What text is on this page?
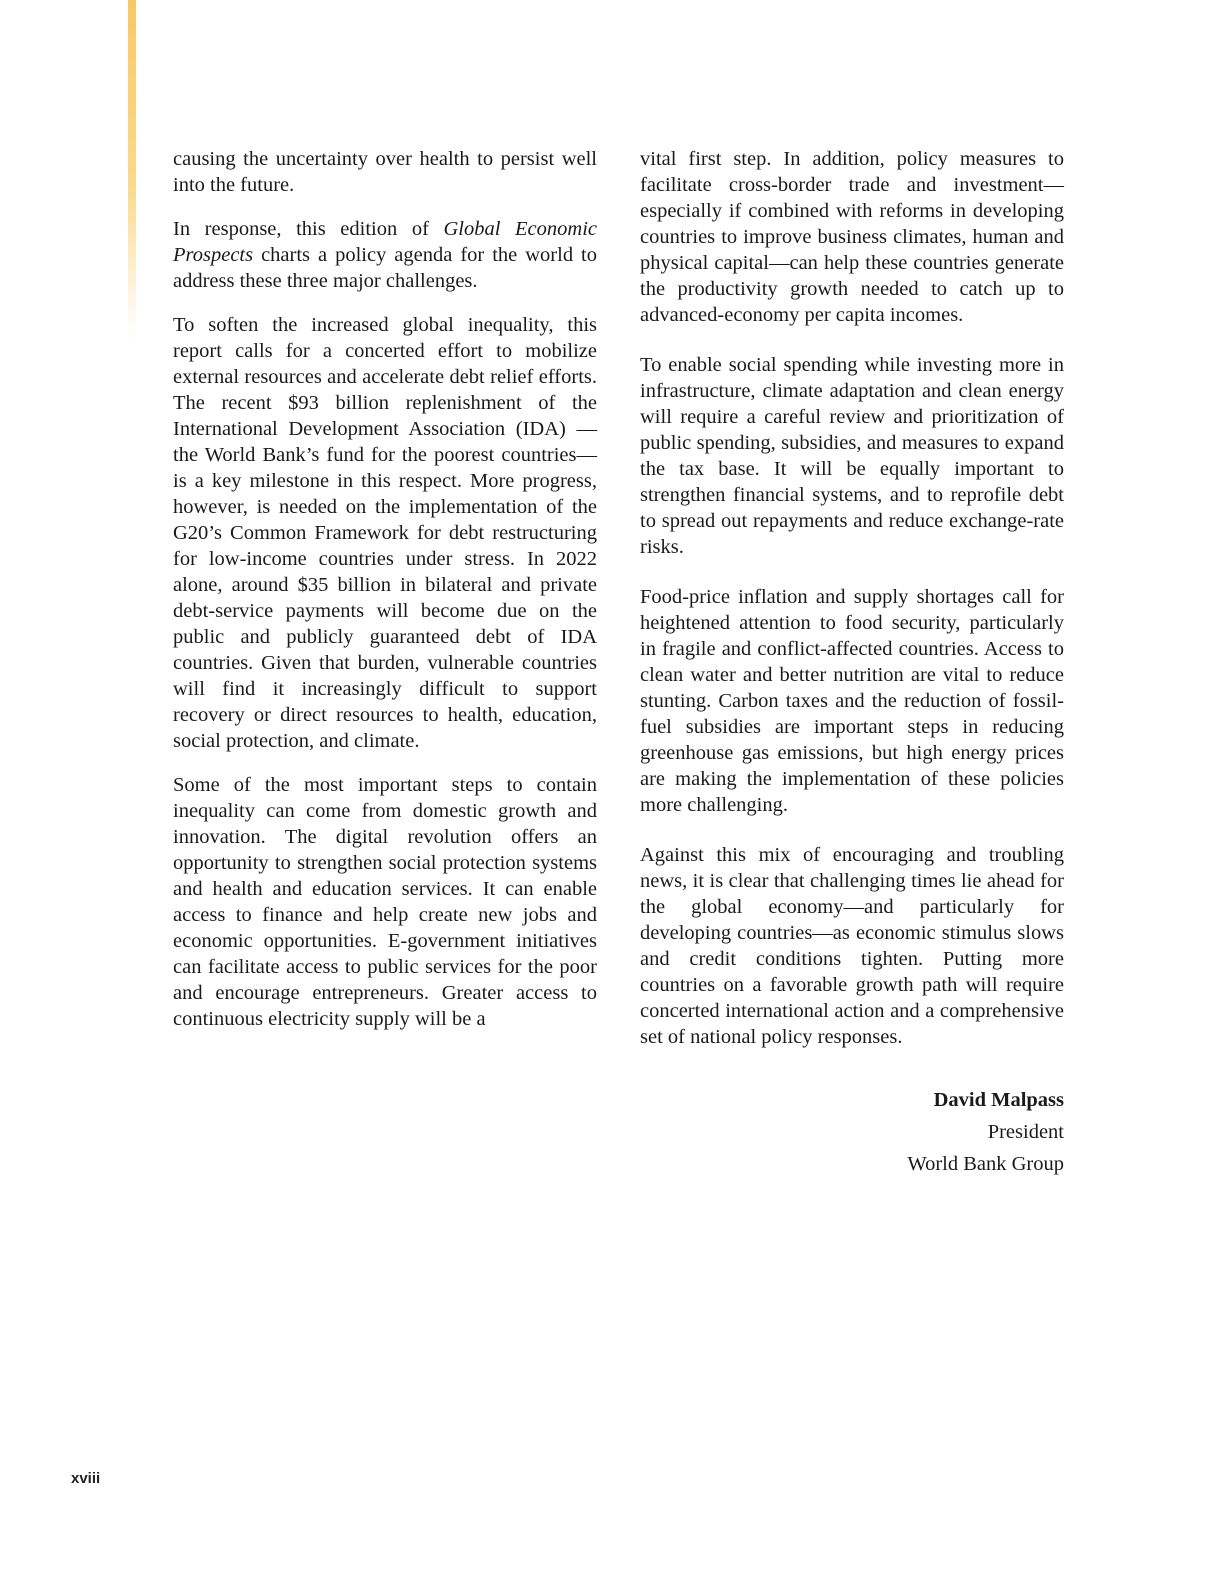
causing the uncertainty over health to persist well into the future.

In response, this edition of Global Economic Prospects charts a policy agenda for the world to address these three major challenges.

To soften the increased global inequality, this report calls for a concerted effort to mobilize external resources and accelerate debt relief efforts. The recent $93 billion replenishment of the International Development Association (IDA) —the World Bank’s fund for the poorest countries—is a key milestone in this respect. More progress, however, is needed on the implementation of the G20’s Common Framework for debt restructuring for low-income countries under stress. In 2022 alone, around $35 billion in bilateral and private debt-service payments will become due on the public and publicly guaranteed debt of IDA countries. Given that burden, vulnerable countries will find it increasingly difficult to support recovery or direct resources to health, education, social protection, and climate.

Some of the most important steps to contain inequality can come from domestic growth and innovation. The digital revolution offers an opportunity to strengthen social protection systems and health and education services. It can enable access to finance and help create new jobs and economic opportunities. E-government initiatives can facilitate access to public services for the poor and encourage entrepreneurs. Greater access to continuous electricity supply will be a

vital first step. In addition, policy measures to facilitate cross-border trade and investment—especially if combined with reforms in developing countries to improve business climates, human and physical capital—can help these countries generate the productivity growth needed to catch up to advanced-economy per capita incomes.

To enable social spending while investing more in infrastructure, climate adaptation and clean energy will require a careful review and prioritization of public spending, subsidies, and measures to expand the tax base. It will be equally important to strengthen financial systems, and to reprofile debt to spread out repayments and reduce exchange-rate risks.

Food-price inflation and supply shortages call for heightened attention to food security, particularly in fragile and conflict-affected countries. Access to clean water and better nutrition are vital to reduce stunting. Carbon taxes and the reduction of fossil-fuel subsidies are important steps in reducing greenhouse gas emissions, but high energy prices are making the implementation of these policies more challenging.

Against this mix of encouraging and troubling news, it is clear that challenging times lie ahead for the global economy—and particularly for developing countries—as economic stimulus slows and credit conditions tighten. Putting more countries on a favorable growth path will require concerted international action and a comprehensive set of national policy responses.

David Malpass
President
World Bank Group
xviii
